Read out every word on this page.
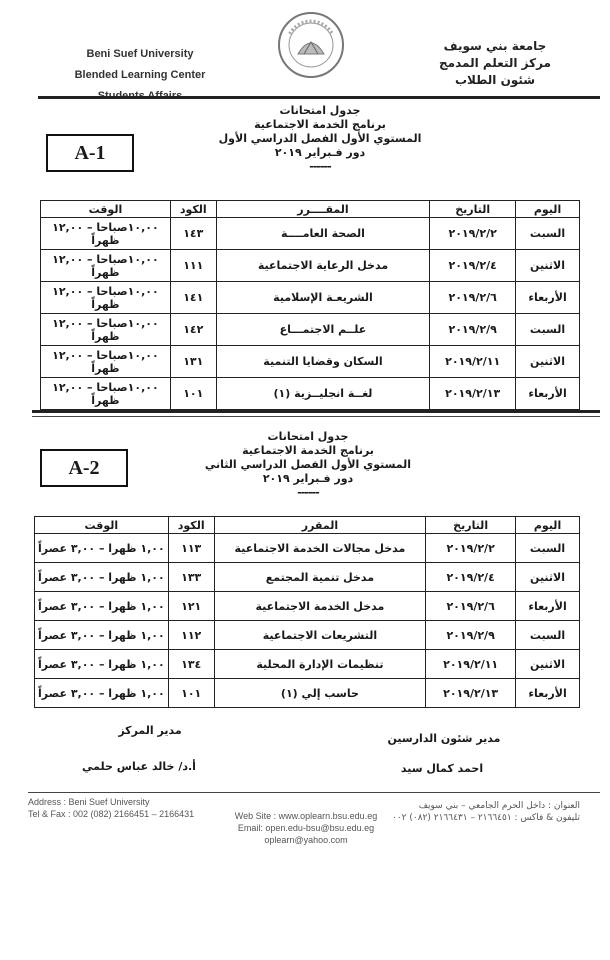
Beni Suef University
Blended Learning Center
جامعة بني سويف
مركز التعلم المدمج
شئون الطلاب
A-1
جدول امتحانات
برنامج الخدمة الاجتماعية
المستوي الأول الفصل الدراسي الأول
دور فـبراير ٢٠١٩
------
اليوم	التاريخ	المقــــرر	الكود	الوقت
السبت	٢٠١٩/٢/٢	الصحة العامــــة	١٤٣	١٠,٠٠صباحا – ١٢,٠٠ ظهراً
الاثنين	٢٠١٩/٢/٤	مدخل الرعاية الاجتماعية	١١١	١٠,٠٠صباحا – ١٢,٠٠ ظهراً
الأربعاء	٢٠١٩/٢/٦	الشريعـة الإسلامية	١٤١	١٠,٠٠صباحا – ١٢,٠٠ ظهراً
السبت	٢٠١٩/٢/٩	علــم الاجتمـــاع	١٤٢	١٠,٠٠صباحا – ١٢,٠٠ ظهراً
الاثنين	٢٠١٩/٢/١١	السكان وقضايا التنمية	١٣١	١٠,٠٠صباحا – ١٢,٠٠ ظهراً
الأربعاء	٢٠١٩/٢/١٣	لغــة انجليــزية (١)	١٠١	١٠,٠٠صباحا – ١٢,٠٠ ظهراً
A-2
جدول امتحانات
برنامج الخدمة الاجتماعية
المستوي الأول الفصل الدراسي الثاني
دور فـبراير ٢٠١٩
------
اليوم	التاريخ	المقرر	الكود	الوقت
السبت	٢٠١٩/٢/٢	مدخل مجالات الخدمة الاجتماعية	١١٣	١,٠٠ ظهرا – ٣,٠٠ عصراً
الاثنين	٢٠١٩/٢/٤	مدخل تنمية المجتمع	١٣٣	١,٠٠ ظهرا – ٣,٠٠ عصراً
الأربعاء	٢٠١٩/٢/٦	مدخل الخدمة الاجتماعية	١٢١	١,٠٠ ظهرا – ٣,٠٠ عصراً
السبت	٢٠١٩/٢/٩	التشريعات الاجتماعية	١١٢	١,٠٠ ظهرا – ٣,٠٠ عصراً
الاثنين	٢٠١٩/٢/١١	تنظيمات الإدارة المحلية	١٣٤	١,٠٠ ظهرا – ٣,٠٠ عصراً
الأربعاء	٢٠١٩/٢/١٣	حاسب إلي (١)	١٠١	١,٠٠ ظهرا – ٣,٠٠ عصراً
مدير شئون الدارسين
احمد كمال سيد
مدير المركز
أ.د/ خالد عباس حلمي
Address : Beni Suef University
Tel & Fax : 002 (082) 2166451 – 2166431	Web Site : www.oplearn.bsu.edu.eg
Email: open.edu-bsu@bsu.edu.eg
oplearn@yahoo.com
العنوان : داخل الحرم الجامعي – بني سويف
تليفون & فاكس : ٢١٦٦٤٥١ – ٢١٦٦٤٣١ (٠٨٢) ٠٠٢
